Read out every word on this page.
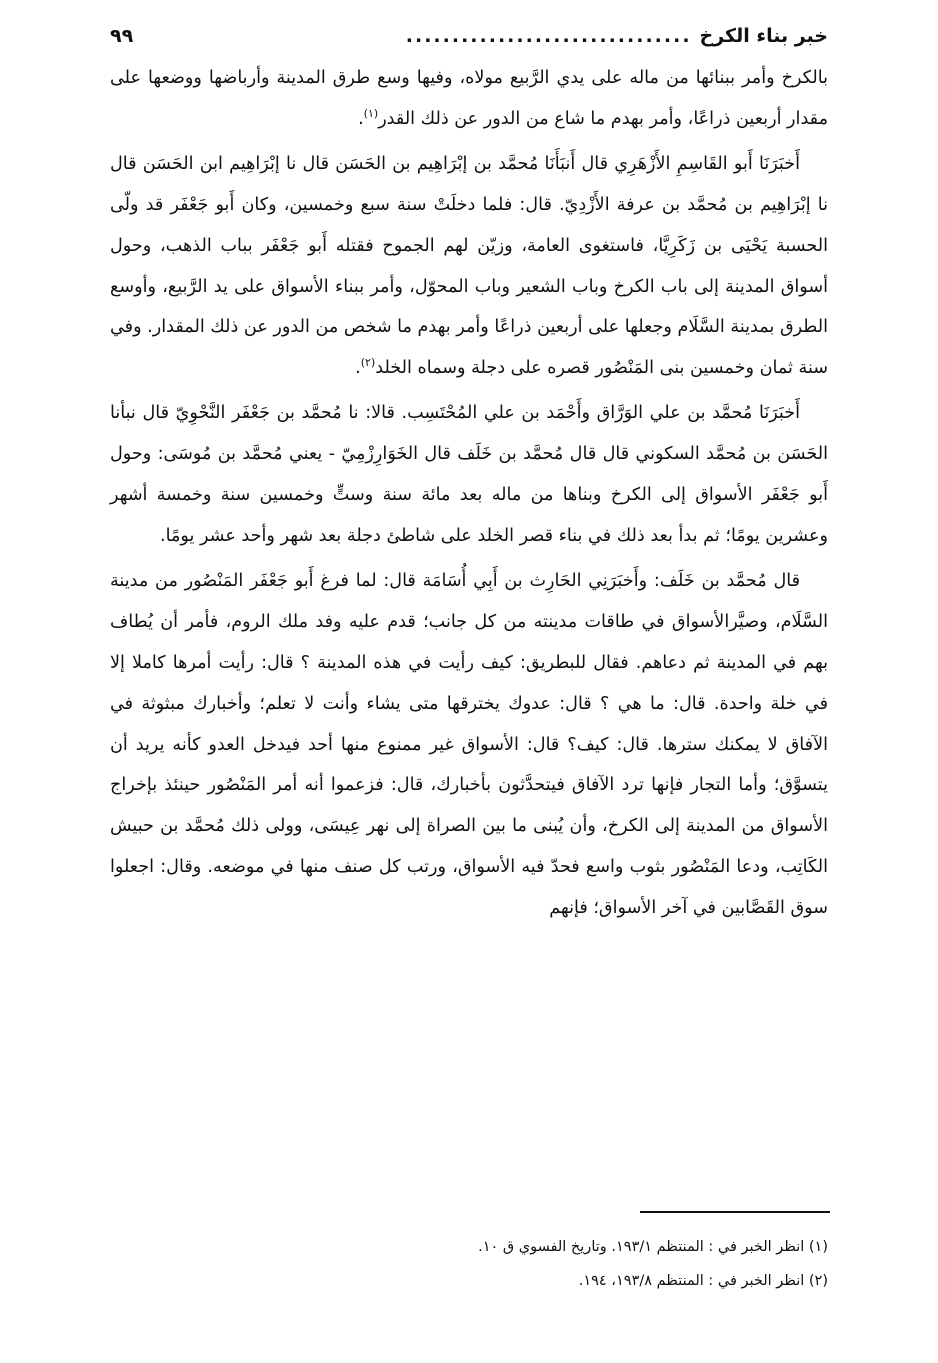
خبر بناء الكرخ
...............................
٩٩

بالكرخ وأمر ببنائها من ماله على يدي الرَّبيع مولاه، وفيها وسع طرق المدينة وأرباضها ووضعها على مقدار أربعين ذراعًا، وأمر بهدم ما شاع من الدور عن ذلك القدر$^{(١)}$.

أَخبَرَنَا أَبو القَاسِمِ الأَزْهَرِي قال أَنبَأَنَا مُحمَّد بن إبْرَاهِيم بن الحَسَن قال نا إبْرَاهِيم ابن الحَسَن قال نا إبْرَاهِيم بن مُحمَّد بن عرفة الأَزْدِيّ. قال: فلما دخلَتْ سنة سبع وخمسين، وكان أَبو جَعْفَر قد ولّى الحسبة يَحْيَى بن زَكَرِيَّا، فاستغوى العامة، وزيّن لهم الجموح فقتله أَبو جَعْفَر بباب الذهب، وحول أسواق المدينة إلى باب الكرخ وباب الشعير وباب المحوّل، وأمر ببناء الأسواق على يد الرَّبيع، وأوسع الطرق بمدينة السَّلَام وجعلها على أربعين ذراعًا وأمر بهدم ما شخص من الدور عن ذلك المقدار. وفي سنة ثمان وخمسين بنى المَنْصُور قصره على دجلة وسماه الخلد$^{(٢)}$.

أَخبَرَنَا مُحمَّد بن علي الوَرَّاق وأَحْمَد بن علي المُحْتَسِب. قالا: نا مُحمَّد بن جَعْفَر النَّحْوِيّ قال نبأنا الحَسَن بن مُحمَّد السكوني قال قال مُحمَّد بن خَلَف قال الخَوَارِزْمِيّ - يعني مُحمَّد بن مُوسَى: وحول أَبو جَعْفَر الأسواق إلى الكرخ وبناها من ماله بعد مائة سنة وستٍّ وخمسين سنة وخمسة أشهر وعشرين يومًا؛ ثم بدأ بعد ذلك في بناء قصر الخلد على شاطئ دجلة بعد شهر وأحد عشر يومًا.

قال مُحمَّد بن خَلَف: وأَخبَرَنِي الحَارِث بن أَبِي أُسَامَة قال: لما فرغ أَبو جَعْفَر المَنْصُور من مدينة السَّلَام، وصيَّرالأسواق في طاقات مدينته من كل جانب؛ قدم عليه وفد ملك الروم، فأمر أن يُطاف بهم في المدينة ثم دعاهم. فقال للبطريق: كيف رأيت في هذه المدينة ؟ قال: رأيت أمرها كاملا إلا في خلة واحدة. قال: ما هي ؟ قال: عدوك يخترقها متى يشاء وأنت لا تعلم؛ وأخبارك مبثوثة في الآفاق لا يمكنك سترها. قال: كيف؟ قال: الأسواق غير ممنوع منها أحد فيدخل العدو كأنه يريد أن يتسوَّق؛ وأما التجار فإنها ترد الآفاق فيتحدَّثون بأخبارك، قال: فزعموا أنه أمر المَنْصُور حينئذ بإخراج الأسواق من المدينة إلى الكرخ، وأن يُبنى ما بين الصراة إلى نهر عِيسَى، وولى ذلك مُحمَّد بن حبيش الكَاتِب، ودعا المَنْصُور بثوب واسع فحدّ فيه الأسواق، ورتب كل صنف منها في موضعه. وقال: اجعلوا سوق القَصَّابين في آخر الأسواق؛ فإنهم

(١) انظر الخبر في : المنتظم ١٩٣/١. وتاريخ الفسوي ق ١٠.
(٢) انظر الخبر في : المنتظم ١٩٣/٨، ١٩٤.
